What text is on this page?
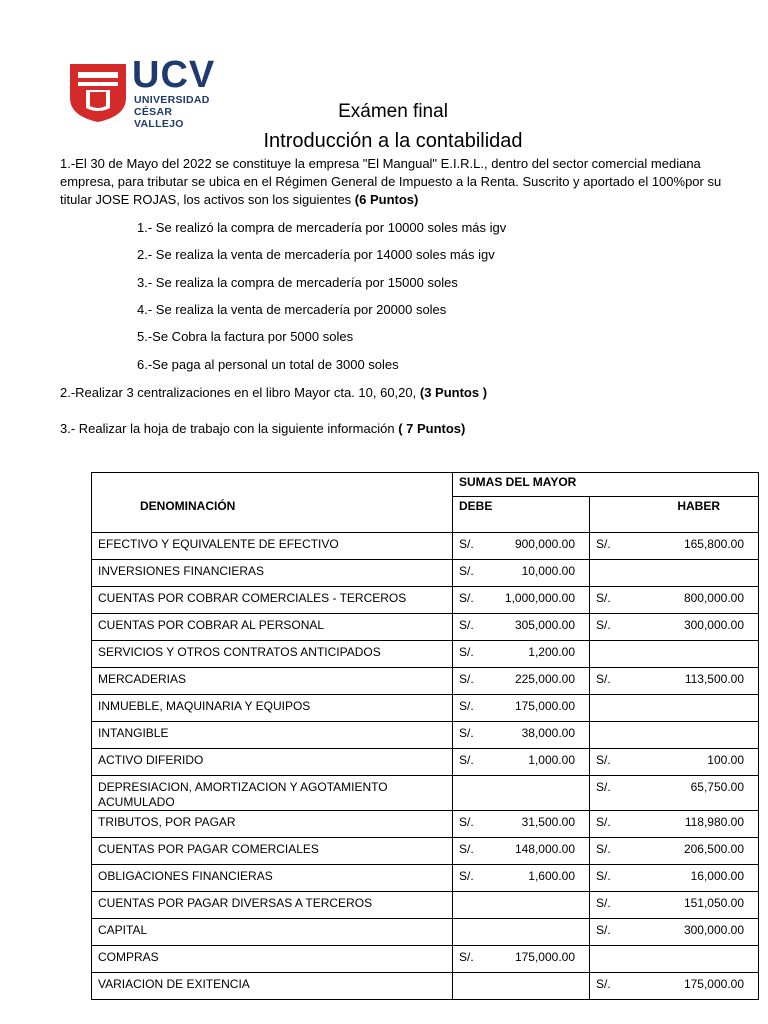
UCV
UNIVERSIDAD
CÉSAR VALLEJO
Exámen final
Introducción a la contabilidad
1.-El 30 de Mayo del 2022 se constituye la empresa "El Mangual" E.I.R.L., dentro del sector comercial mediana empresa, para tributar se ubica en el Régimen General de Impuesto a la Renta. Suscrito y aportado el 100%por su titular JOSE ROJAS, los activos son los siguientes (6 Puntos)
1.- Se realizó la compra de mercadería por 10000 soles más igv
2.- Se realiza la venta de mercadería por 14000 soles más igv
3.- Se realiza la compra de mercadería por 15000 soles
4.- Se realiza la venta de mercadería por 20000 soles
5.-Se Cobra la factura por 5000 soles
6.-Se paga al personal un total de 3000 soles
2.-Realizar 3 centralizaciones en el libro Mayor cta. 10, 60,20, (3 Puntos )
3.- Realizar la hoja de trabajo con la siguiente información ( 7 Puntos)
	SUMAS DEL MAYOR	
DENOMINACIÓN	DEBE	HABER
EFECTIVO Y EQUIVALENTE DE EFECTIVO	S/. 900,000.00	S/. 165,800.00

INVERSIONES FINANCIERAS	S/. 10,000.00	

CUENTAS POR COBRAR COMERCIALES - TERCEROS	S/. 1,000,000.00	S/. 800,000.00

CUENTAS POR COBRAR AL PERSONAL	S/. 305,000.00	S/. 300,000.00

SERVICIOS Y OTROS CONTRATOS ANTICIPADOS	S/. 1,200.00	

MERCADERIAS	S/. 225,000.00	S/. 113,500.00

INMUEBLE, MAQUINARIA Y EQUIPOS	S/. 175,000.00	

INTANGIBLE	S/. 38,000.00	

ACTIVO DIFERIDO	S/. 1,000.00	S/. 100.00

DEPRESIACION, AMORTIZACION Y AGOTAMIENTO ACUMULADO		S/. 65,750.00

TRIBUTOS, POR PAGAR	S/. 31,500.00	S/. 118,980.00

CUENTAS POR PAGAR COMERCIALES	S/. 148,000.00	S/. 206,500.00

OBLIGACIONES FINANCIERAS	S/. 1,600.00	S/. 16,000.00

CUENTAS POR PAGAR DIVERSAS A TERCEROS		S/. 151,050.00

CAPITAL		S/. 300,000.00

COMPRAS	S/. 175,000.00	

VARIACION DE EXITENCIA		S/. 175,000.00
